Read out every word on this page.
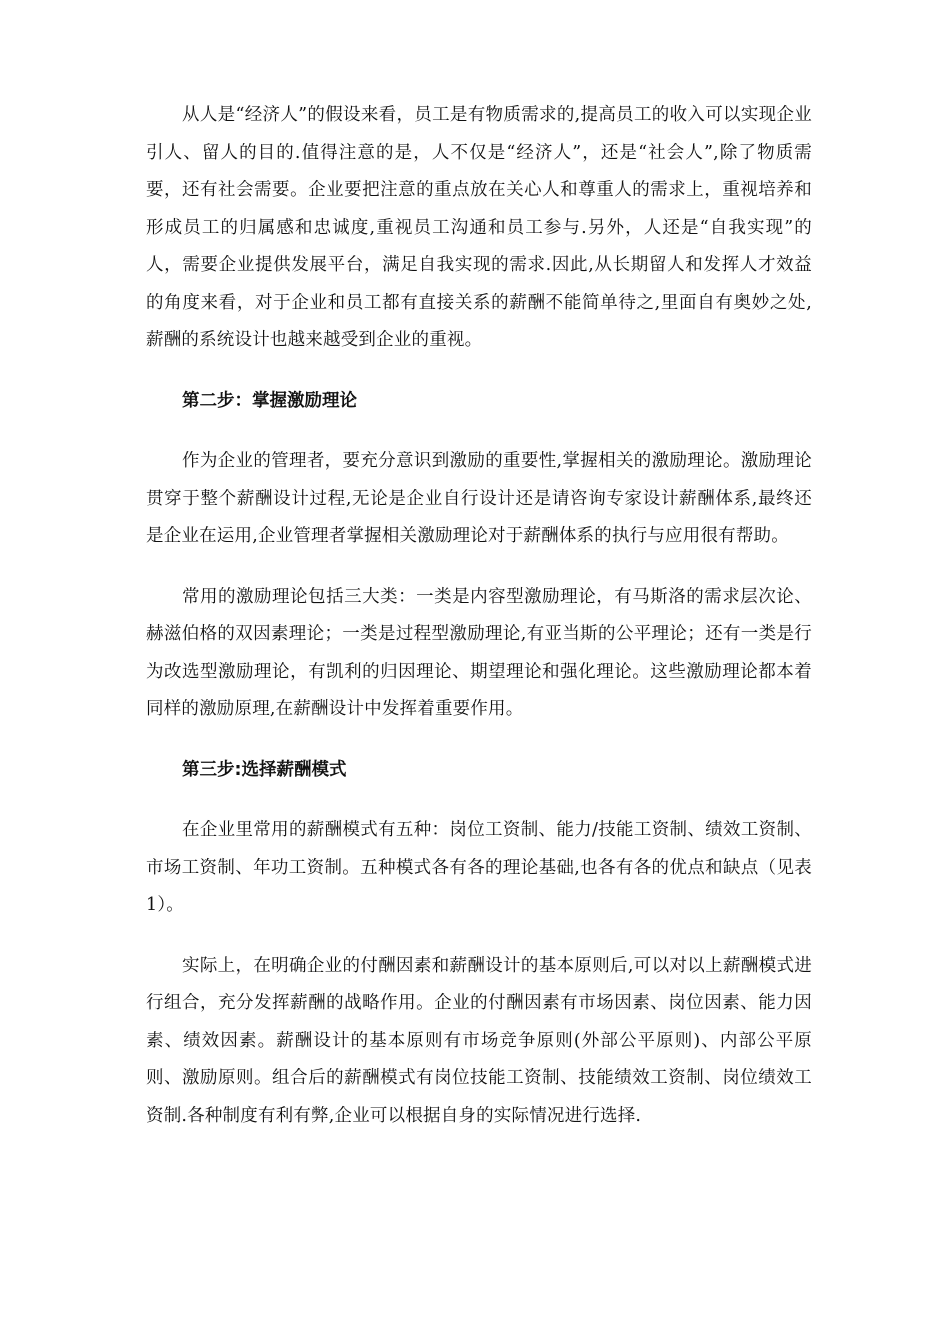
从人是“经济人”的假设来看，员工是有物质需求的,提高员工的收入可以实现企业引人、留人的目的.值得注意的是，人不仅是“经济人”，还是“社会人”,除了物质需要，还有社会需要。企业要把注意的重点放在关心人和尊重人的需求上，重视培养和形成员工的归属感和忠诚度,重视员工沟通和员工参与.另外，人还是“自我实现”的人，需要企业提供发展平台，满足自我实现的需求.因此,从长期留人和发挥人才效益的角度来看，对于企业和员工都有直接关系的薪酬不能简单待之,里面自有奥妙之处,薪酬的系统设计也越来越受到企业的重视。

第二步：掌握激励理论

作为企业的管理者，要充分意识到激励的重要性,掌握相关的激励理论。激励理论贯穿于整个薪酬设计过程,无论是企业自行设计还是请咨询专家设计薪酬体系,最终还是企业在运用,企业管理者掌握相关激励理论对于薪酬体系的执行与应用很有帮助。

常用的激励理论包括三大类：一类是内容型激励理论，有马斯洛的需求层次论、赫滋伯格的双因素理论；一类是过程型激励理论,有亚当斯的公平理论；还有一类是行为改选型激励理论，有凯利的归因理论、期望理论和强化理论。这些激励理论都本着同样的激励原理,在薪酬设计中发挥着重要作用。

第三步:选择薪酬模式

在企业里常用的薪酬模式有五种：岗位工资制、能力/技能工资制、绩效工资制、市场工资制、年功工资制。五种模式各有各的理论基础,也各有各的优点和缺点（见表1）。

实际上，在明确企业的付酬因素和薪酬设计的基本原则后,可以对以上薪酬模式进行组合，充分发挥薪酬的战略作用。企业的付酬因素有市场因素、岗位因素、能力因素、绩效因素。薪酬设计的基本原则有市场竞争原则(外部公平原则)、内部公平原则、激励原则。组合后的薪酬模式有岗位技能工资制、技能绩效工资制、岗位绩效工资制.各种制度有利有弊,企业可以根据自身的实际情况进行选择.
